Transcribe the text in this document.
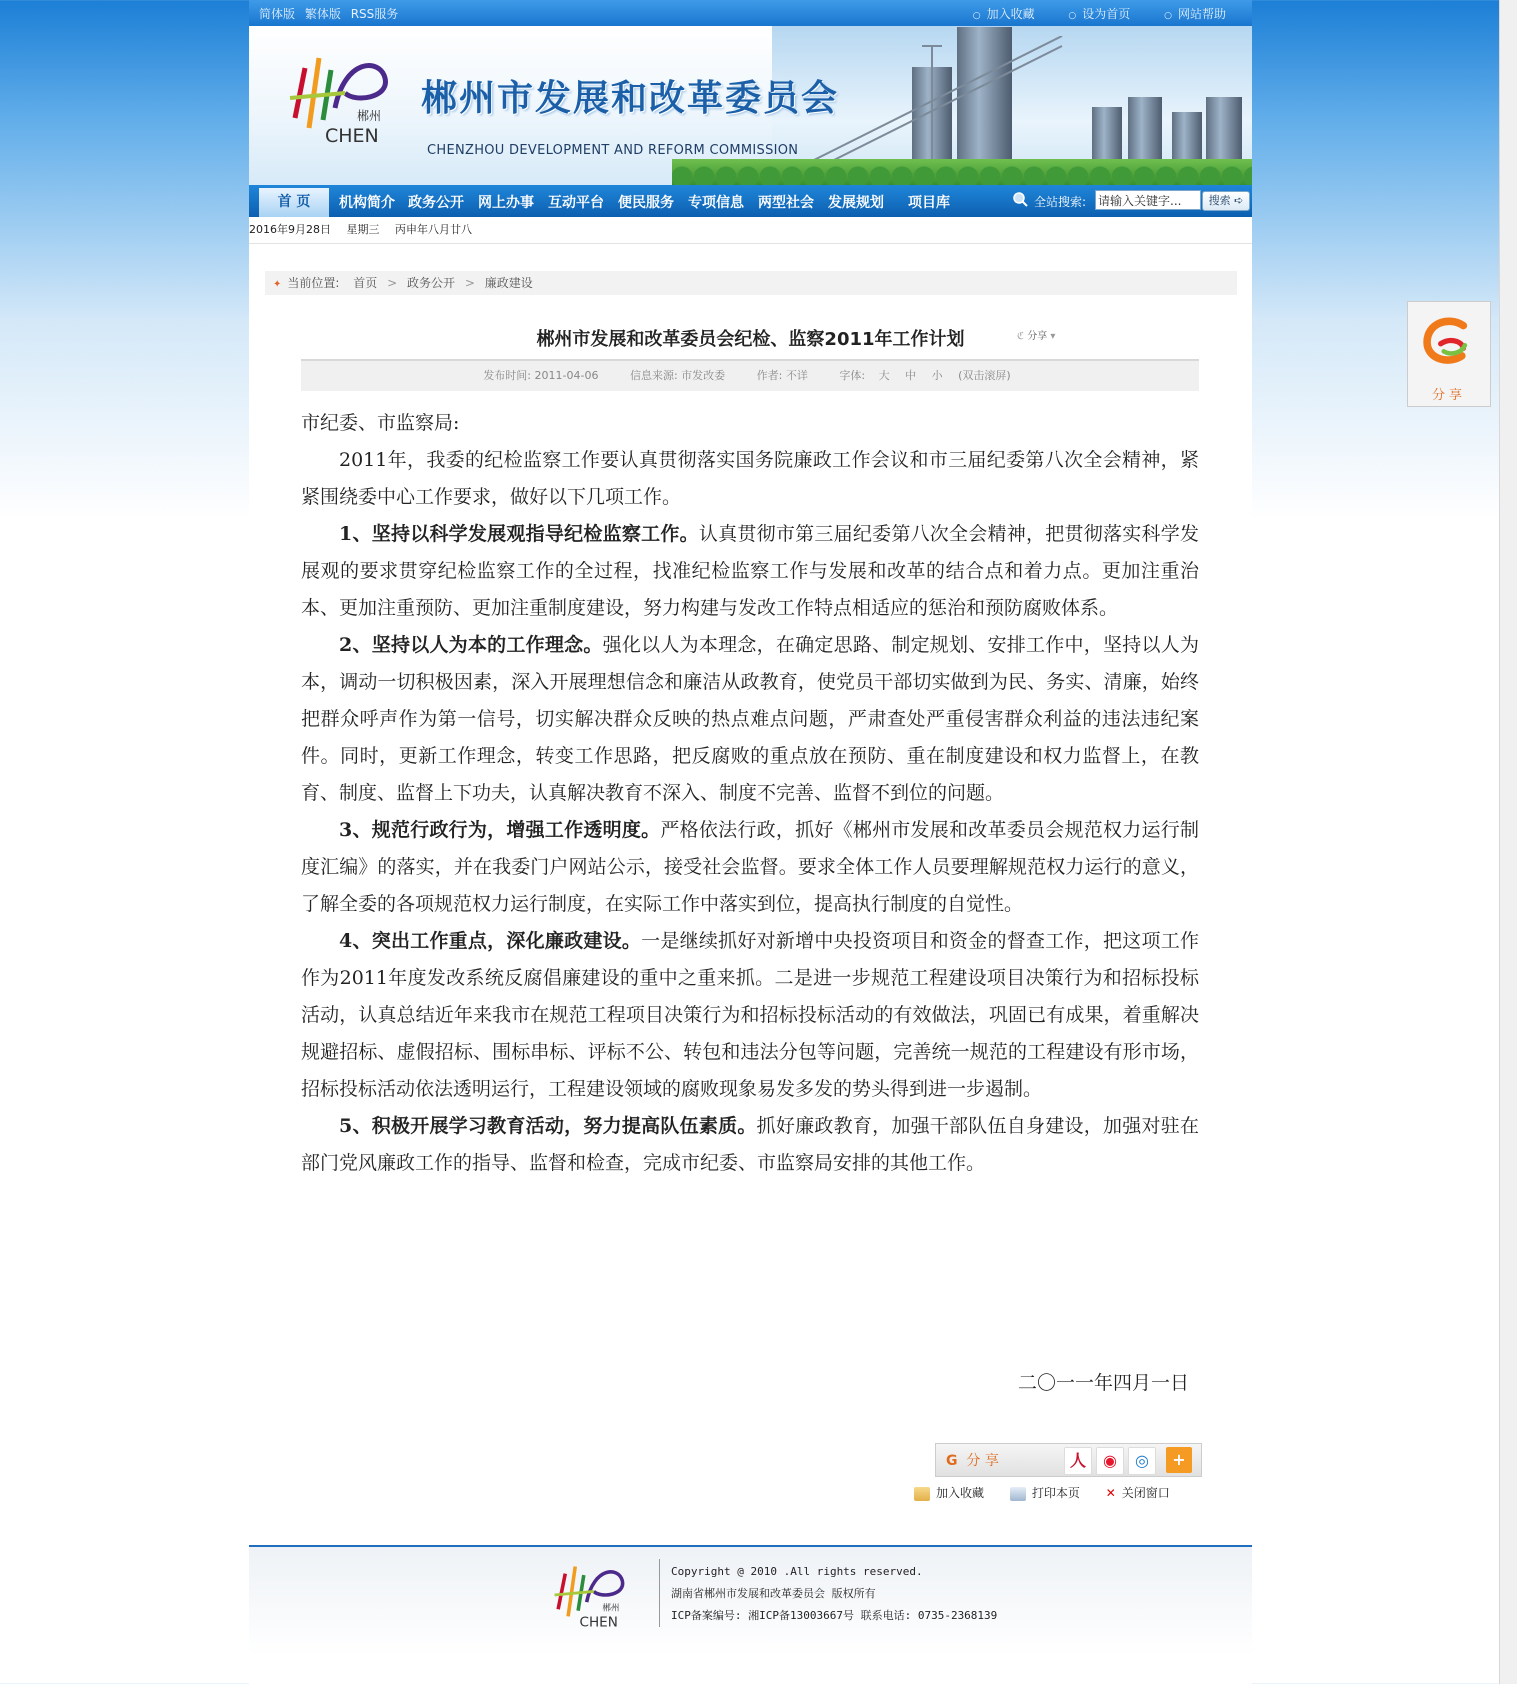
简体版 繁体版 RSS服务	○ 加入收藏	○ 设为首页	○ 网站帮助
郴州
CHEN
郴州市发展和改革委员会
CHENZHOU DEVELOPMENT AND REFORM COMMISSION
首 页	机构简介 政务公开 网上办事 互动平台 便民服务 专项信息 两型社会 发展规划 项目库	全站搜索:
请输入关键字...	搜索 ➪
2016年9月28日 星期三 丙申年八月廿八
✦ 当前位置: 首页 > 政务公开 > 廉政建设
郴州市发展和改革委员会纪检、监察2011年工作计划	ℭ 分享 ▾
发布时间: 2011-04-06	信息来源: 市发改委	作者: 不详	字体: 大 中 小 (双击滚屏)

市纪委、市监察局:

2011年，我委的纪检监察工作要认真贯彻落实国务院廉政工作会议和市三届纪委第八次全会精神，紧紧围绕委中心工作要求，做好以下几项工作。

1、坚持以科学发展观指导纪检监察工作。认真贯彻市第三届纪委第八次全会精神，把贯彻落实科学发展观的要求贯穿纪检监察工作的全过程，找准纪检监察工作与发展和改革的结合点和着力点。更加注重治本、更加注重预防、更加注重制度建设，努力构建与发改工作特点相适应的惩治和预防腐败体系。

2、坚持以人为本的工作理念。强化以人为本理念，在确定思路、制定规划、安排工作中，坚持以人为本，调动一切积极因素，深入开展理想信念和廉洁从政教育，使党员干部切实做到为民、务实、清廉，始终把群众呼声作为第一信号，切实解决群众反映的热点难点问题，严肃查处严重侵害群众利益的违法违纪案件。同时，更新工作理念，转变工作思路，把反腐败的重点放在预防、重在制度建设和权力监督上，在教育、制度、监督上下功夫，认真解决教育不深入、制度不完善、监督不到位的问题。

3、规范行政行为，增强工作透明度。严格依法行政，抓好《郴州市发展和改革委员会规范权力运行制度汇编》的落实，并在我委门户网站公示，接受社会监督。要求全体工作人员要理解规范权力运行的意义，了解全委的各项规范权力运行制度，在实际工作中落实到位，提高执行制度的自觉性。

4、突出工作重点，深化廉政建设。一是继续抓好对新增中央投资项目和资金的督查工作，把这项工作作为2011年度发改系统反腐倡廉建设的重中之重来抓。二是进一步规范工程建设项目决策行为和招标投标活动，认真总结近年来我市在规范工程项目决策行为和招标投标活动的有效做法，巩固已有成果，着重解决规避招标、虚假招标、围标串标、评标不公、转包和违法分包等问题，完善统一规范的工程建设有形市场，招标投标活动依法透明运行，工程建设领域的腐败现象易发多发的势头得到进一步遏制。

5、积极开展学习教育活动，努力提高队伍素质。抓好廉政教育，加强干部队伍自身建设，加强对驻在部门党风廉政工作的指导、监督和检查，完成市纪委、市监察局安排的其他工作。

二〇一一年四月一日
G 分 享	人	◉	◎	+
加入收藏	打印本页 ✕ 关闭窗口
郴州
CHEN
Copyright @ 2010 .All rights reserved.
湖南省郴州市发展和改革委员会 版权所有
ICP备案编号: 湘ICP备13003667号 联系电话: 0735-2368139
分享
